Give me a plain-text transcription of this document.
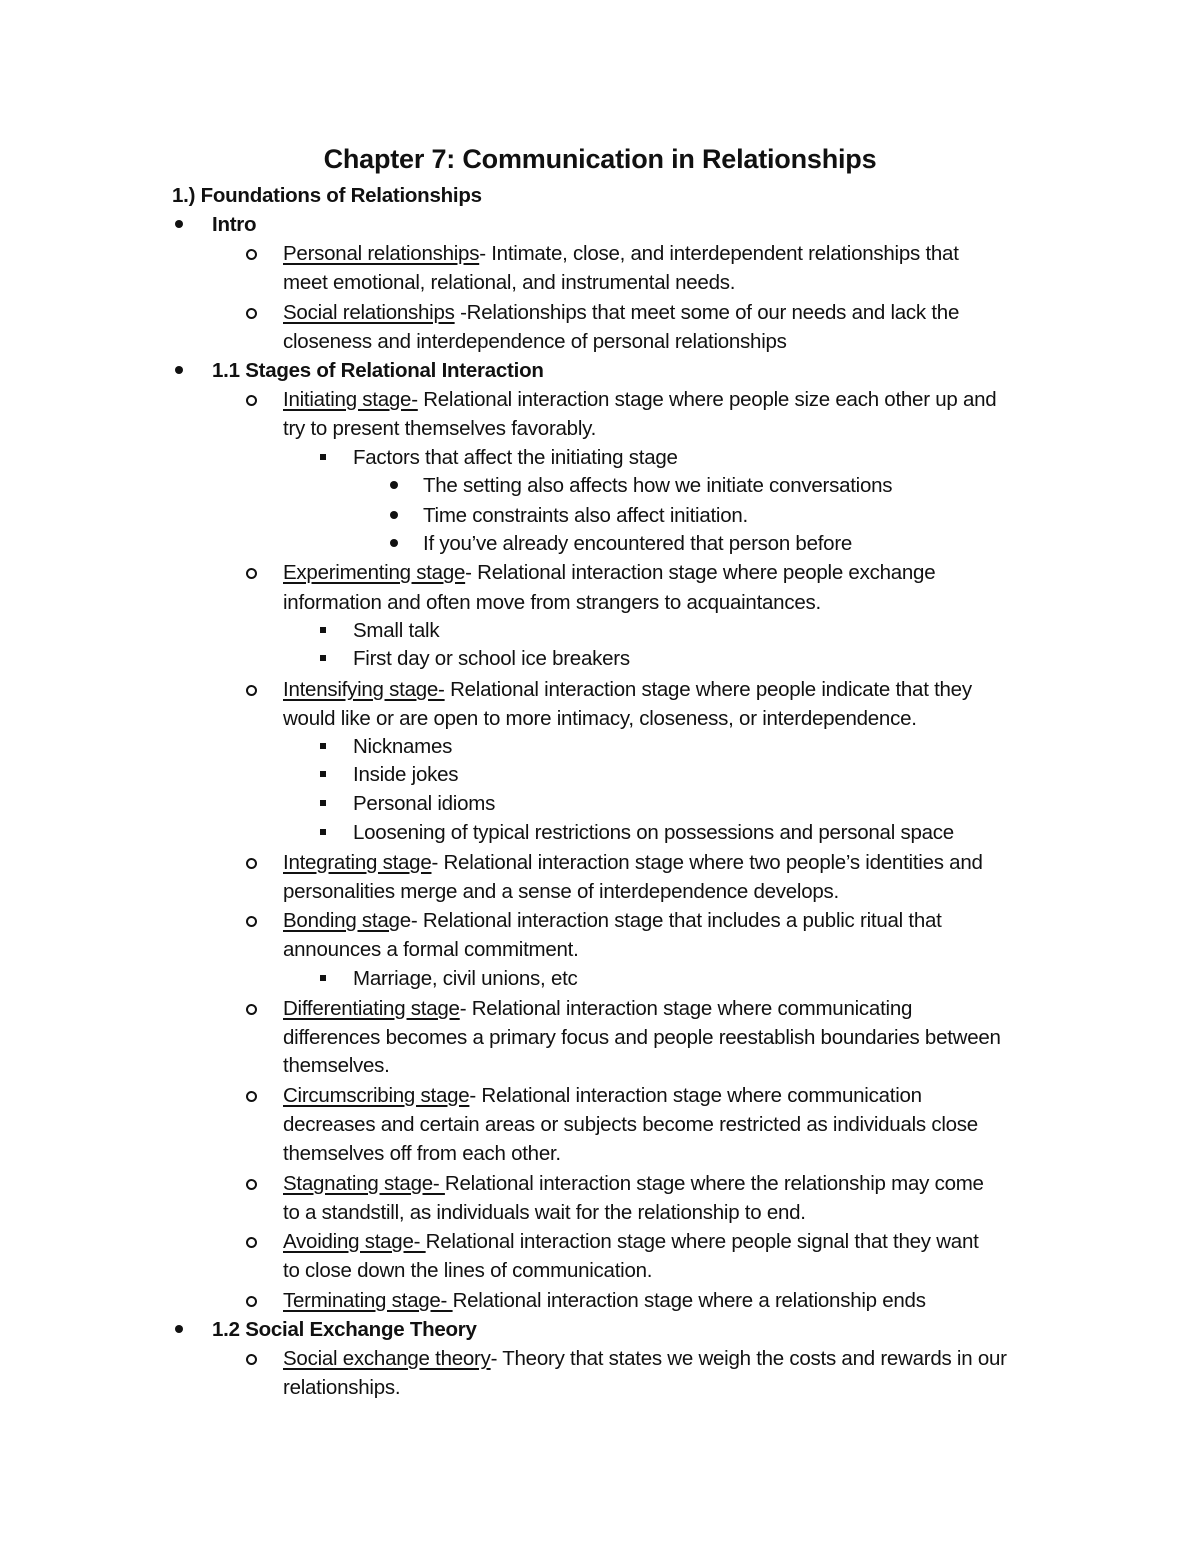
Chapter 7: Communication in Relationships
1.) Foundations of Relationships
Intro
Personal relationships- Intimate, close, and interdependent relationships that
meet emotional, relational, and instrumental needs.
Social relationships -Relationships that meet some of our needs and lack the
closeness and interdependence of personal relationships
1.1 Stages of Relational Interaction
Initiating stage- Relational interaction stage where people size each other up and
try to present themselves favorably.
Factors that affect the initiating stage
The setting also affects how we initiate conversations
Time constraints also affect initiation.
If you’ve already encountered that person before
Experimenting stage- Relational interaction stage where people exchange
information and often move from strangers to acquaintances.
Small talk
First day or school ice breakers
Intensifying stage- Relational interaction stage where people indicate that they
would like or are open to more intimacy, closeness, or interdependence.
Nicknames
Inside jokes
Personal idioms
Loosening of typical restrictions on possessions and personal space
Integrating stage- Relational interaction stage where two people’s identities and
personalities merge and a sense of interdependence develops.
Bonding stage- Relational interaction stage that includes a public ritual that
announces a formal commitment.
Marriage, civil unions, etc
Differentiating stage- Relational interaction stage where communicating
differences becomes a primary focus and people reestablish boundaries between
themselves.
Circumscribing stage- Relational interaction stage where communication
decreases and certain areas or subjects become restricted as individuals close
themselves off from each other.
Stagnating stage- Relational interaction stage where the relationship may come
to a standstill, as individuals wait for the relationship to end.
Avoiding stage- Relational interaction stage where people signal that they want
to close down the lines of communication.
Terminating stage- Relational interaction stage where a relationship ends
1.2 Social Exchange Theory
Social exchange theory- Theory that states we weigh the costs and rewards in our
relationships.
